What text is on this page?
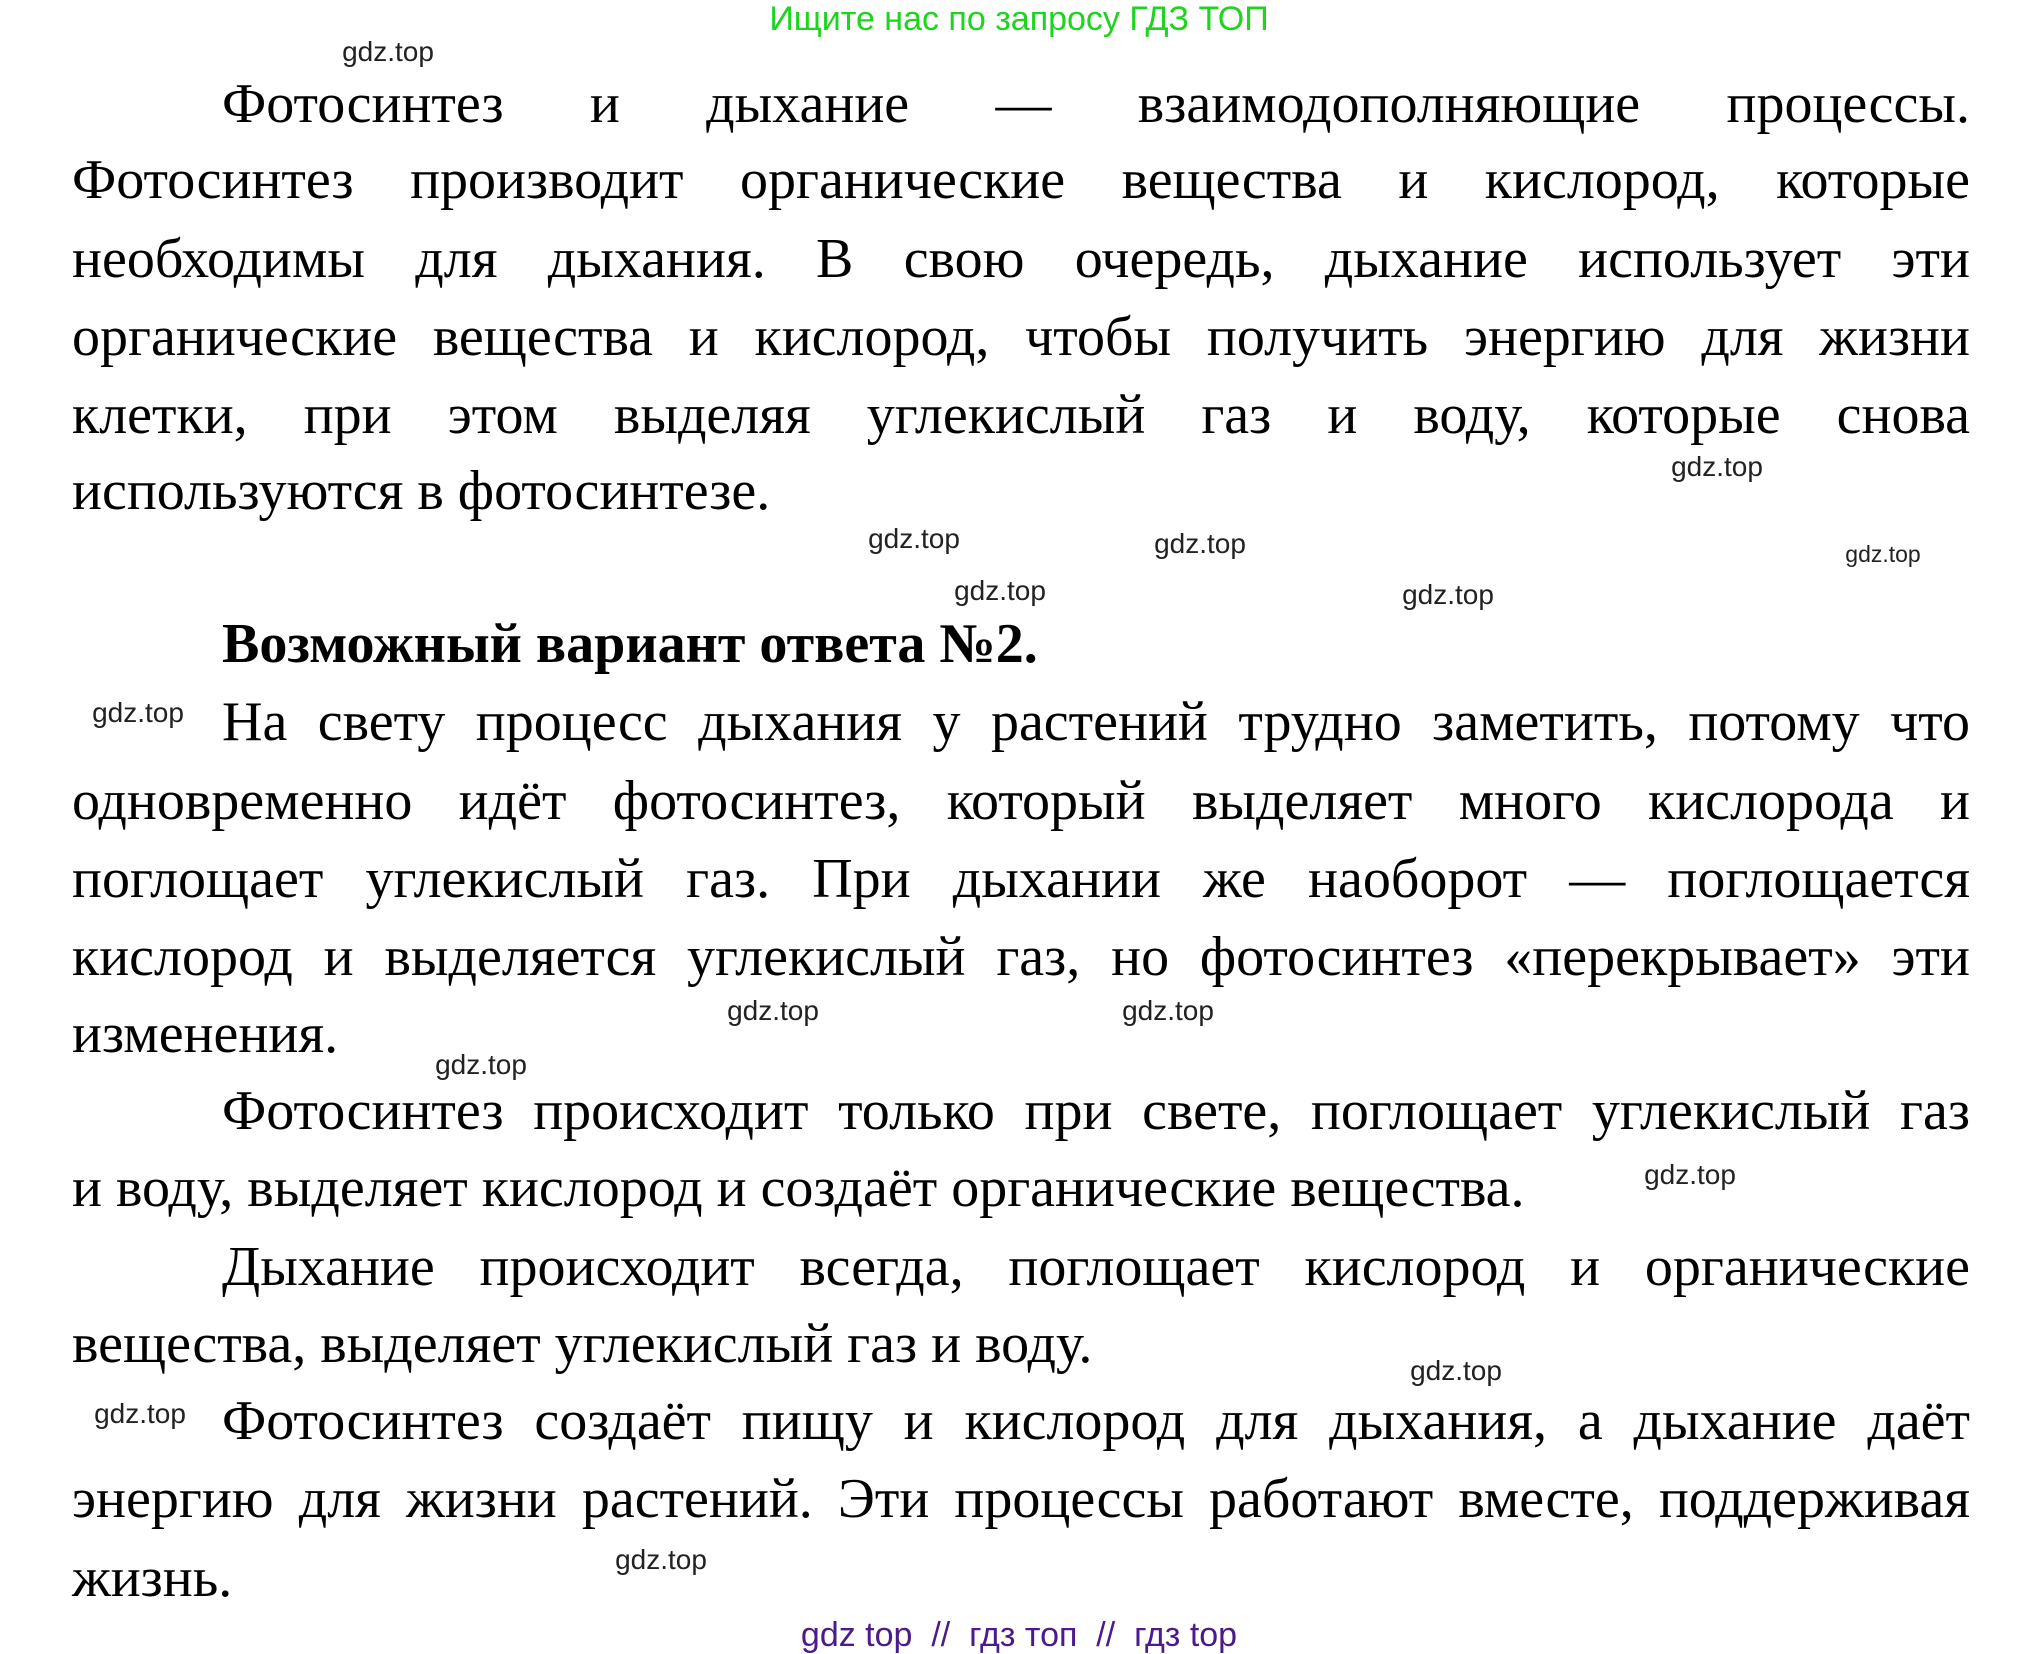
Ищите нас по запросу ГДЗ ТОП
Фотосинтез и дыхание — взаимодополняющие процессы.
Фотосинтез производит органические вещества и кислород, которые
необходимы для дыхания. В свою очередь, дыхание использует эти
органические вещества и кислород, чтобы получить энергию для жизни
клетки, при этом выделяя углекислый газ и воду, которые снова
используются в фотосинтезе.
Возможный вариант ответа №2.
На свету процесс дыхания у растений трудно заметить, потому что
одновременно идёт фотосинтез, который выделяет много кислорода и
поглощает углекислый газ. При дыхании же наоборот — поглощается
кислород и выделяется углекислый газ, но фотосинтез «перекрывает» эти
изменения.
Фотосинтез происходит только при свете, поглощает углекислый газ
и воду, выделяет кислород и создаёт органические вещества.
Дыхание происходит всегда, поглощает кислород и органические
вещества, выделяет углекислый газ и воду.
Фотосинтез создаёт пищу и кислород для дыхания, а дыхание даёт
энергию для жизни растений. Эти процессы работают вместе, поддерживая
жизнь.
gdz.top
gdz.top
gdz.top
gdz.top
gdz.top
gdz.top
gdz.top
gdz.top
gdz.top
gdz.top
gdz.top
gdz.top
gdz.top
gdz.top
gdz.top
gdz top  //  гдз топ  //  гдз top
